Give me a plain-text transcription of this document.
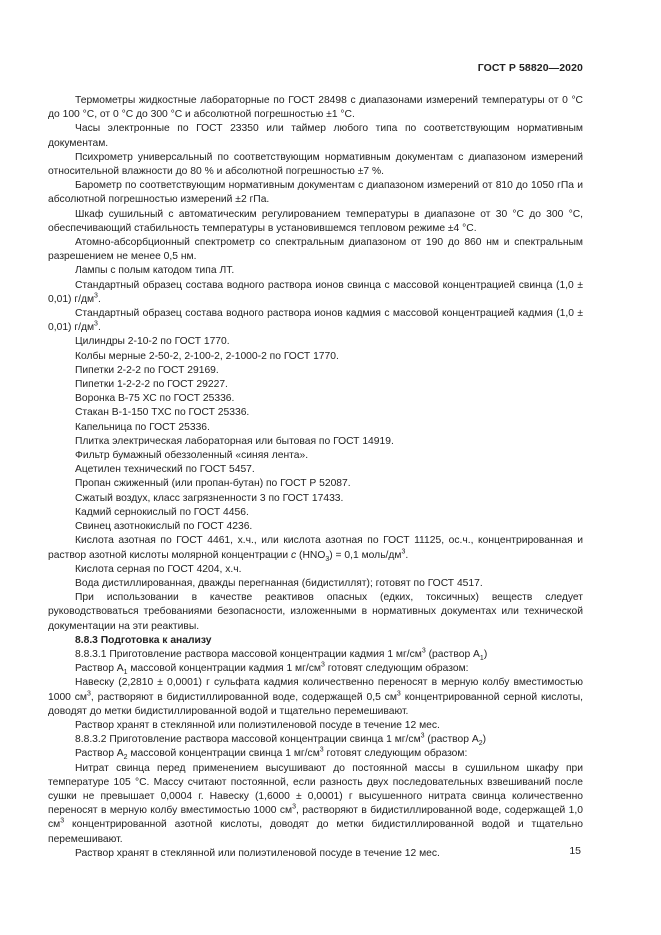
ГОСТ Р 58820—2020

Термометры жидкостные лабораторные по ГОСТ 28498 с диапазонами измерений температуры от 0 °С до 100 °С, от 0 °С до 300 °С и абсолютной погрешностью ±1 °С.

Часы электронные по ГОСТ 23350 или таймер любого типа по соответствующим нормативным документам.

Психрометр универсальный по соответствующим нормативным документам с диапазоном измерений относительной влажности до 80 % и абсолютной погрешностью ±7 %.

Барометр по соответствующим нормативным документам с диапазоном измерений от 810 до 1050 гПа и абсолютной погрешностью измерений ±2 гПа.

Шкаф сушильный с автоматическим регулированием температуры в диапазоне от 30 °С до 300 °С, обеспечивающий стабильность температуры в установившемся тепловом режиме ±4 °С.

Атомно-абсорбционный спектрометр со спектральным диапазоном от 190 до 860 нм и спектральным разрешением не менее 0,5 нм.

Лампы с полым катодом типа ЛТ.

Стандартный образец состава водного раствора ионов свинца с массовой концентрацией свинца (1,0 ± 0,01) $г/дм^3$.

Стандартный образец состава водного раствора ионов кадмия с массовой концентрацией кадмия (1,0 ± 0,01) $г/дм^3$.

Цилиндры 2-10-2 по ГОСТ 1770.

Колбы мерные 2-50-2, 2-100-2, 2-1000-2 по ГОСТ 1770.

Пипетки 2-2-2 по ГОСТ 29169.

Пипетки 1-2-2-2 по ГОСТ 29227.

Воронка В-75 ХС по ГОСТ 25336.

Стакан В-1-150 ТХС по ГОСТ 25336.

Капельница по ГОСТ 25336.

Плитка электрическая лабораторная или бытовая по ГОСТ 14919.

Фильтр бумажный обеззоленный «синяя лента».

Ацетилен технический по ГОСТ 5457.

Пропан сжиженный (или пропан-бутан) по ГОСТ Р 52087.

Сжатый воздух, класс загрязненности 3 по ГОСТ 17433.

Кадмий сернокислый по ГОСТ 4456.

Свинец азотнокислый по ГОСТ 4236.

Кислота азотная по ГОСТ 4461, х.ч., или кислота азотная по ГОСТ 11125, ос.ч., концентрированная и раствор азотной кислоты молярной концентрации c $(HNO_3) = 0,1$ моль/$дм^3$.

Кислота серная по ГОСТ 4204, х.ч.

Вода дистиллированная, дважды перегнанная (бидистиллят); готовят по ГОСТ 4517.

При использовании в качестве реактивов опасных (едких, токсичных) веществ следует руководствоваться требованиями безопасности, изложенными в нормативных документах или технической документации на эти реактивы.

8.8.3 Подготовка к анализу

8.8.3.1 Приготовление раствора массовой концентрации кадмия 1 $мг/см^3$ (раствор $А_1$)

Раствор $А_1$ массовой концентрации кадмия 1 $мг/см^3$ готовят следующим образом:

Навеску (2,2810 ± 0,0001) г сульфата кадмия количественно переносят в мерную колбу вместимостью 1000 $см^3$, растворяют в бидистиллированной воде, содержащей 0,5 $см^3$ концентрированной серной кислоты, доводят до метки бидистиллированной водой и тщательно перемешивают.

Раствор хранят в стеклянной или полиэтиленовой посуде в течение 12 мес.

8.8.3.2 Приготовление раствора массовой концентрации свинца 1 $мг/см^3$ (раствор $А_2$)

Раствор $А_2$ массовой концентрации свинца 1 $мг/см^3$ готовят следующим образом:

Нитрат свинца перед применением высушивают до постоянной массы в сушильном шкафу при температуре 105 °С. Массу считают постоянной, если разность двух последовательных взвешиваний после сушки не превышает 0,0004 г. Навеску (1,6000 ± 0,0001) г высушенного нитрата свинца количественно переносят в мерную колбу вместимостью 1000 $см^3$, растворяют в бидистиллированной воде, содержащей 1,0 $см^3$ концентрированной азотной кислоты, доводят до метки бидистиллированной водой и тщательно перемешивают.

Раствор хранят в стеклянной или полиэтиленовой посуде в течение 12 мес.	15
